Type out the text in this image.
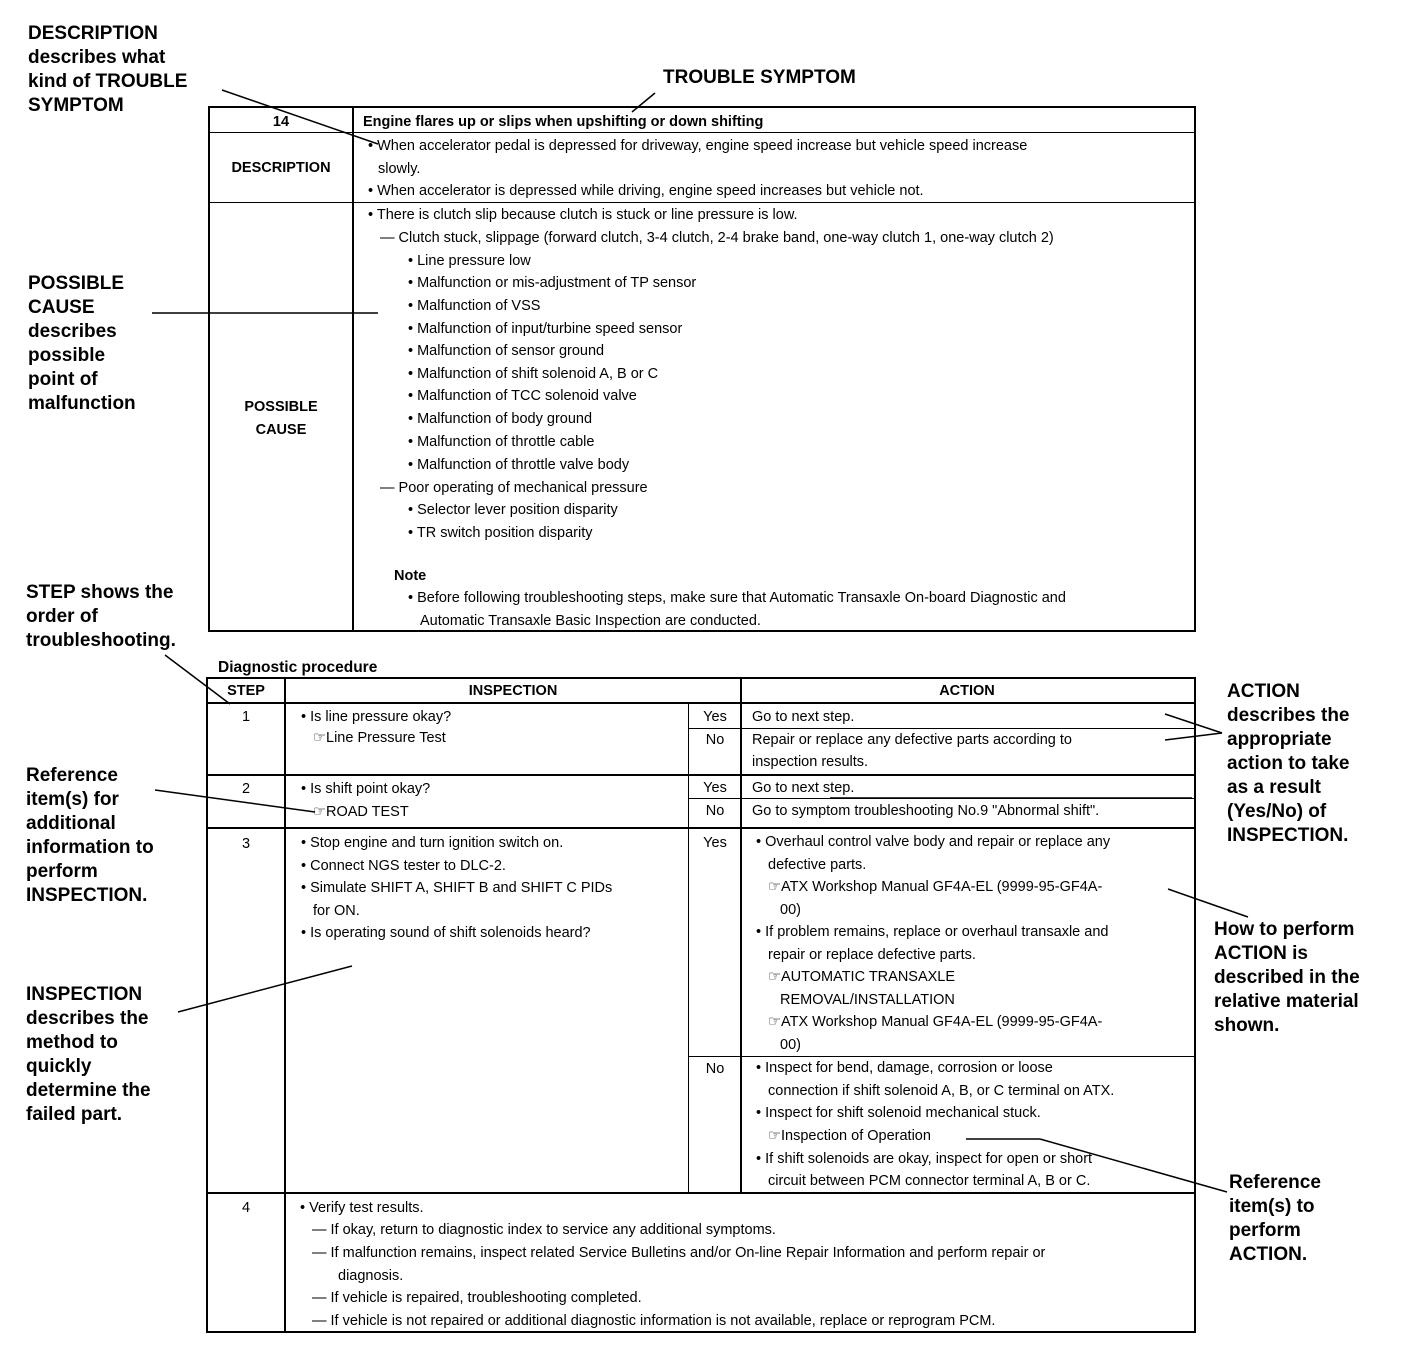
DESCRIPTION
describes what
kind of TROUBLE
SYMPTOM
TROUBLE SYMPTOM
POSSIBLE
CAUSE
describes
possible
point of
malfunction
STEP shows the
order of
troubleshooting.
Reference
item(s) for
additional
information to
perform
INSPECTION.
INSPECTION
describes the
method to
quickly
determine the
failed part.
ACTION
describes the
appropriate
action to take
as a result
(Yes/No) of
INSPECTION.
How to perform
ACTION is
described in the
relative material
shown.
Reference
item(s) to
perform
ACTION.
14	Engine flares up or slips when upshifting or down shifting
DESCRIPTION
• When accelerator pedal is depressed for driveway, engine speed increase but vehicle speed increase
slowly.
• When accelerator is depressed while driving, engine speed increases but vehicle not.
POSSIBLE
CAUSE
• There is clutch slip because clutch is stuck or line pressure is low.
— Clutch stuck, slippage (forward clutch, 3-4 clutch, 2-4 brake band, one-way clutch 1, one-way clutch 2)
• Line pressure low
• Malfunction or mis-adjustment of TP sensor
• Malfunction of VSS
• Malfunction of input/turbine speed sensor
• Malfunction of sensor ground
• Malfunction of shift solenoid A, B or C
• Malfunction of TCC solenoid valve
• Malfunction of body ground
• Malfunction of throttle cable
• Malfunction of throttle valve body
— Poor operating of mechanical pressure
• Selector lever position disparity
• TR switch position disparity
Note
• Before following troubleshooting steps, make sure that Automatic Transaxle On-board Diagnostic and
Automatic Transaxle Basic Inspection are conducted.
Diagnostic procedure
STEP	INSPECTION	ACTION
1	• Is line pressure okay?
☞Line Pressure Test
Yes	Go to next step.
No	Repair or replace any defective parts according to
inspection results.
2	• Is shift point okay?
☞ROAD TEST
Yes	Go to next step.
No	Go to symptom troubleshooting No.9 "Abnormal shift".
3	• Stop engine and turn ignition switch on.
• Connect NGS tester to DLC-2.
• Simulate SHIFT A, SHIFT B and SHIFT C PIDs
for ON.
• Is operating sound of shift solenoids heard?
Yes	• Overhaul control valve body and repair or replace any
defective parts.
☞ATX Workshop Manual GF4A-EL (9999-95-GF4A-
00)
• If problem remains, replace or overhaul transaxle and
repair or replace defective parts.
☞AUTOMATIC TRANSAXLE
REMOVAL/INSTALLATION
☞ATX Workshop Manual GF4A-EL (9999-95-GF4A-
00)
No	• Inspect for bend, damage, corrosion or loose
connection if shift solenoid A, B, or C terminal on ATX.
• Inspect for shift solenoid mechanical stuck.
☞Inspection of Operation
• If shift solenoids are okay, inspect for open or short
circuit between PCM connector terminal A, B or C.
4	• Verify test results.
— If okay, return to diagnostic index to service any additional symptoms.
— If malfunction remains, inspect related Service Bulletins and/or On-line Repair Information and perform repair or
diagnosis.
— If vehicle is repaired, troubleshooting completed.
— If vehicle is not repaired or additional diagnostic information is not available, replace or reprogram PCM.
